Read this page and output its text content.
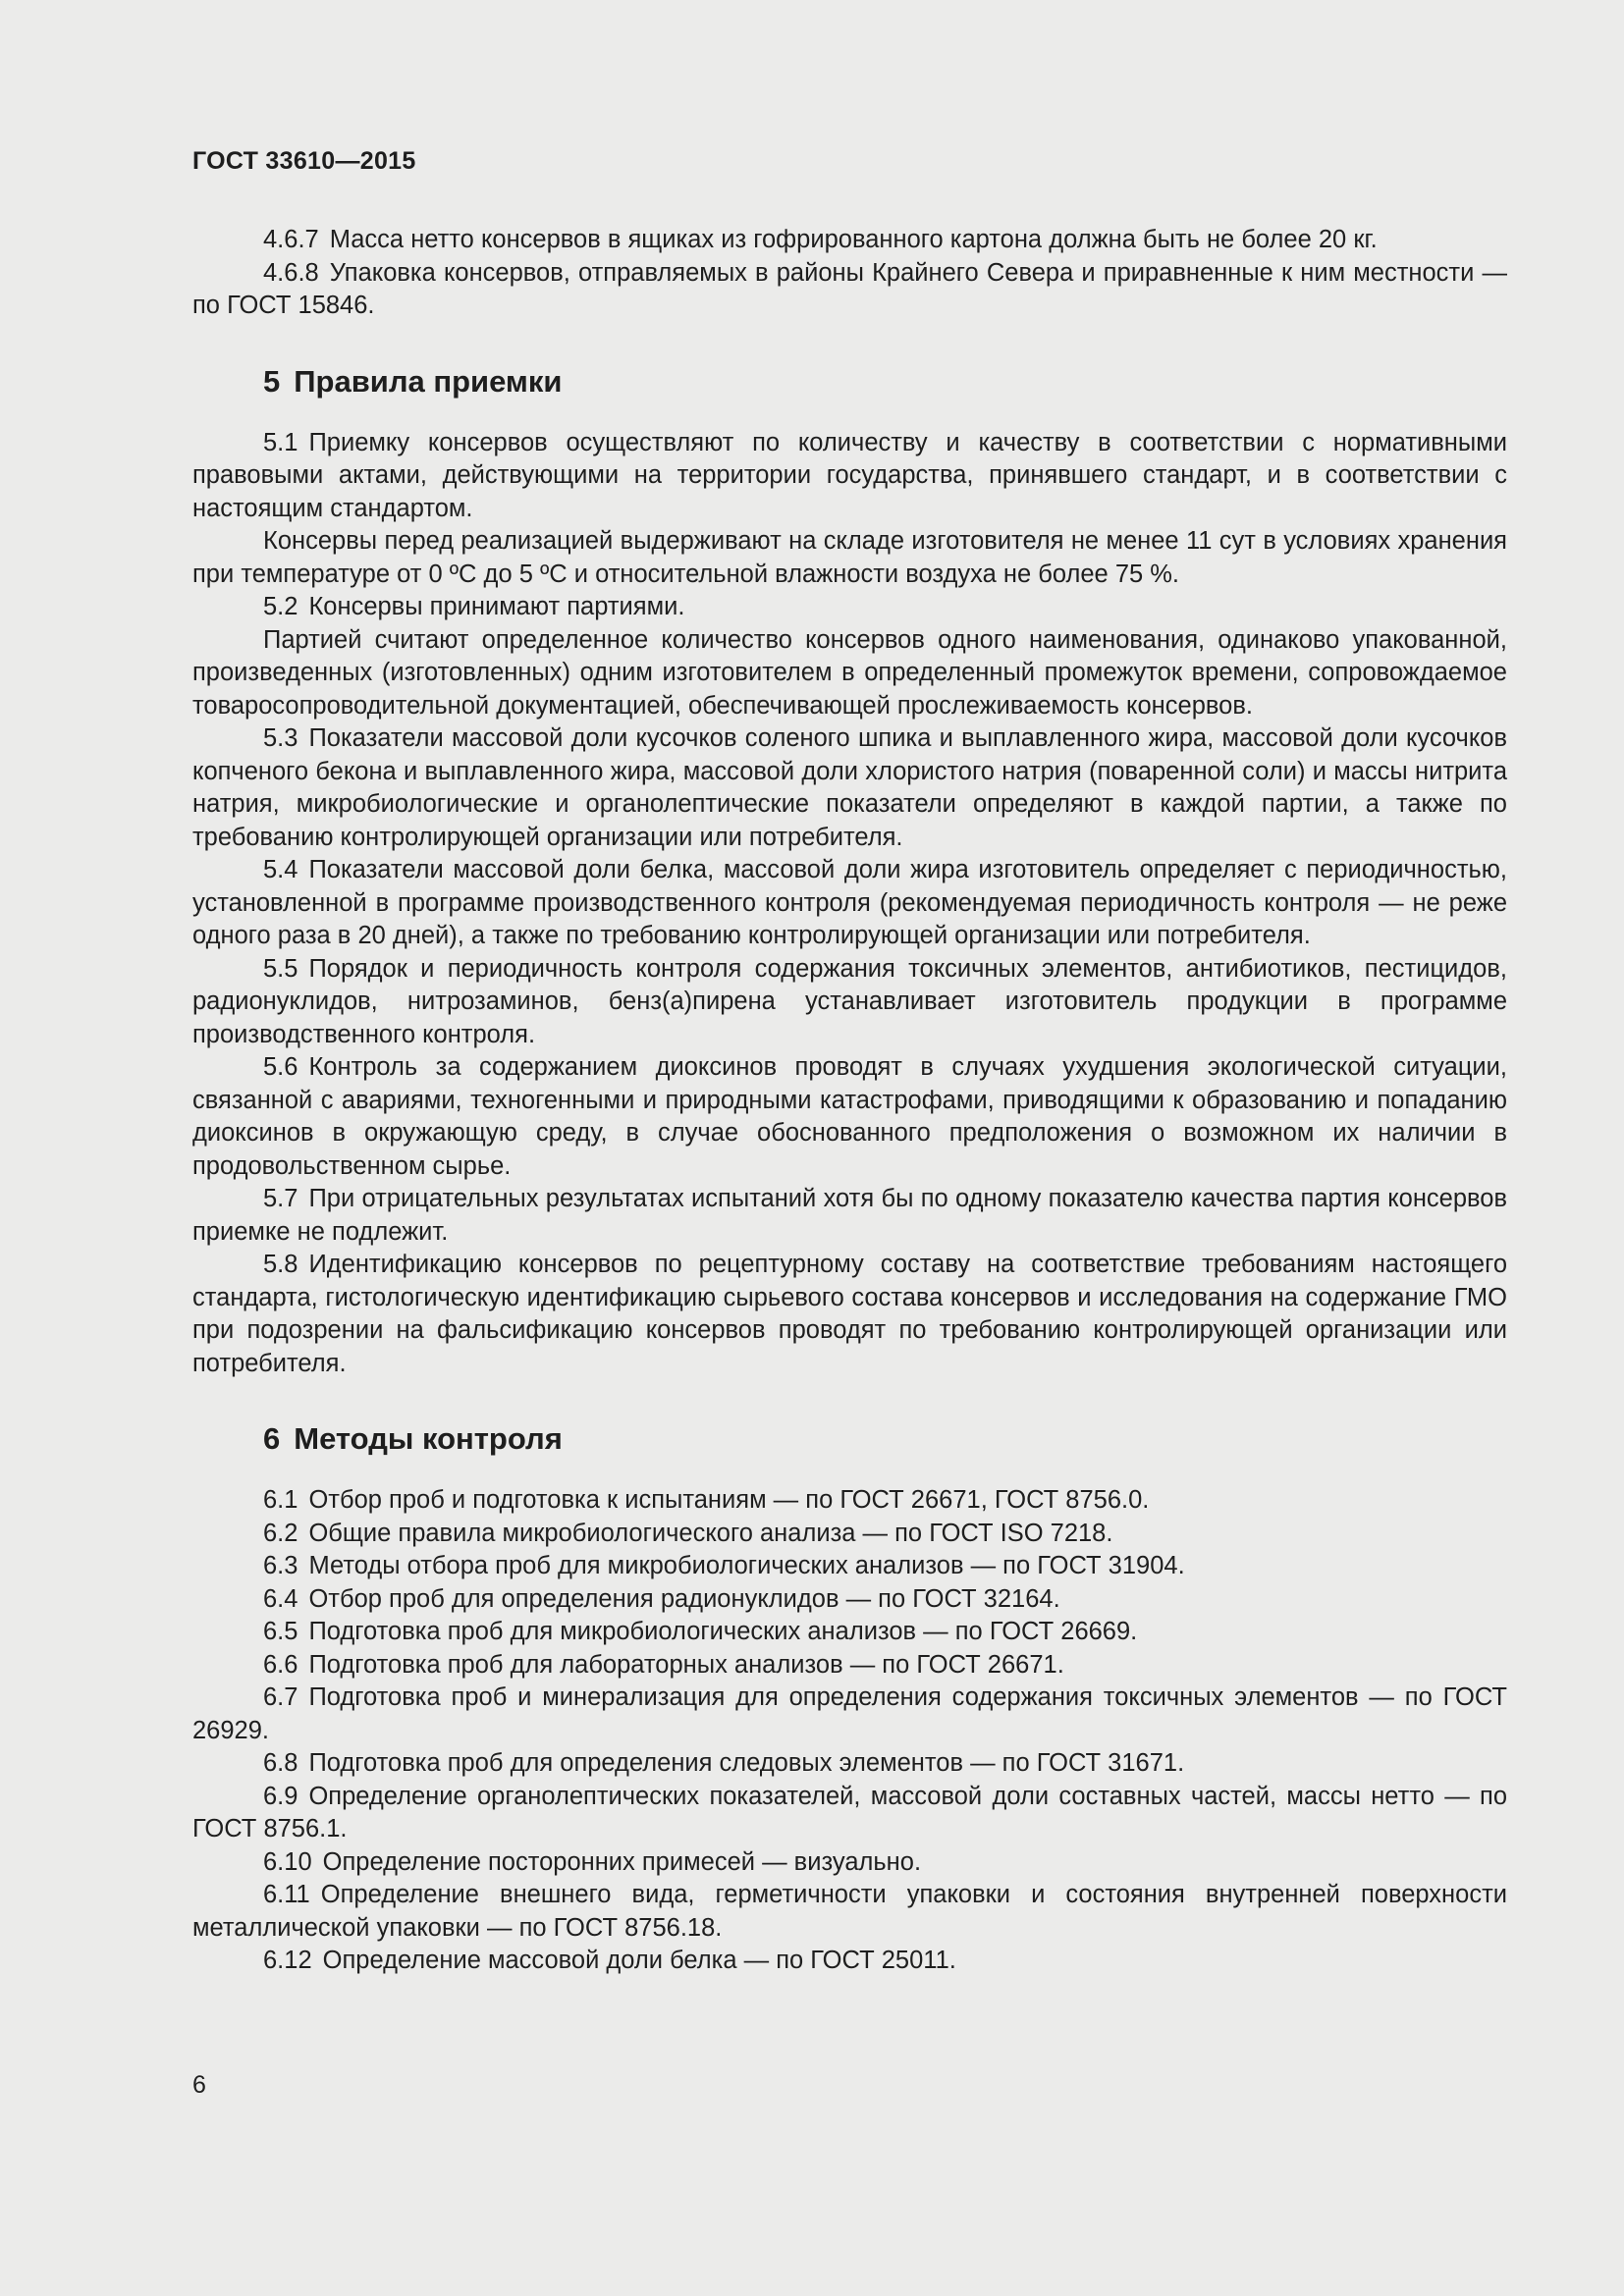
ГОСТ 33610—2015

4.6.7 Масса нетто консервов в ящиках из гофрированного картона должна быть не более 20 кг.

4.6.8 Упаковка консервов, отправляемых в районы Крайнего Севера и приравненные к ним местности — по ГОСТ 15846.

5 Правила приемки

5.1 Приемку консервов осуществляют по количеству и качеству в соответствии с нормативными правовыми актами, действующими на территории государства, принявшего стандарт, и в соответствии с настоящим стандартом.

Консервы перед реализацией выдерживают на складе изготовителя не менее 11 сут в условиях хранения при температуре от 0 ºС до 5 ºС и относительной влажности воздуха не более 75 %.

5.2 Консервы принимают партиями.

Партией считают определенное количество консервов одного наименования, одинаково упакованной, произведенных (изготовленных) одним изготовителем в определенный промежуток времени, сопровождаемое товаросопроводительной документацией, обеспечивающей прослеживаемость консервов.

5.3 Показатели массовой доли кусочков соленого шпика и выплавленного жира, массовой доли кусочков копченого бекона и выплавленного жира, массовой доли хлористого натрия (поваренной соли) и массы нитрита натрия, микробиологические и органолептические показатели определяют в каждой партии, а также по требованию контролирующей организации или потребителя.

5.4 Показатели массовой доли белка, массовой доли жира изготовитель определяет с периодичностью, установленной в программе производственного контроля (рекомендуемая периодичность контроля — не реже одного раза в 20 дней), а также по требованию контролирующей организации или потребителя.

5.5 Порядок и периодичность контроля содержания токсичных элементов, антибиотиков, пестицидов, радионуклидов, нитрозаминов, бенз(а)пирена устанавливает изготовитель продукции в программе производственного контроля.

5.6 Контроль за содержанием диоксинов проводят в случаях ухудшения экологической ситуации, связанной с авариями, техногенными и природными катастрофами, приводящими к образованию и попаданию диоксинов в окружающую среду, в случае обоснованного предположения о возможном их наличии в продовольственном сырье.

5.7 При отрицательных результатах испытаний хотя бы по одному показателю качества партия консервов приемке не подлежит.

5.8 Идентификацию консервов по рецептурному составу на соответствие требованиям настоящего стандарта, гистологическую идентификацию сырьевого состава консервов и исследования на содержание ГМО при подозрении на фальсификацию консервов проводят по требованию контролирующей организации или потребителя.

6 Методы контроля

6.1 Отбор проб и подготовка к испытаниям — по ГОСТ 26671, ГОСТ 8756.0.

6.2 Общие правила микробиологического анализа — по ГОСТ ISO 7218.

6.3 Методы отбора проб для микробиологических анализов — по ГОСТ 31904.

6.4 Отбор проб для определения радионуклидов — по ГОСТ 32164.

6.5 Подготовка проб для микробиологических анализов — по ГОСТ 26669.

6.6 Подготовка проб для лабораторных анализов — по ГОСТ 26671.

6.7 Подготовка проб и минерализация для определения содержания токсичных элементов — по ГОСТ 26929.

6.8 Подготовка проб для определения следовых элементов — по ГОСТ 31671.

6.9 Определение органолептических показателей, массовой доли составных частей, массы нетто — по ГОСТ 8756.1.

6.10 Определение посторонних примесей — визуально.

6.11 Определение внешнего вида, герметичности упаковки и состояния внутренней поверхности металлической упаковки — по ГОСТ 8756.18.

6.12 Определение массовой доли белка — по ГОСТ 25011.

6
